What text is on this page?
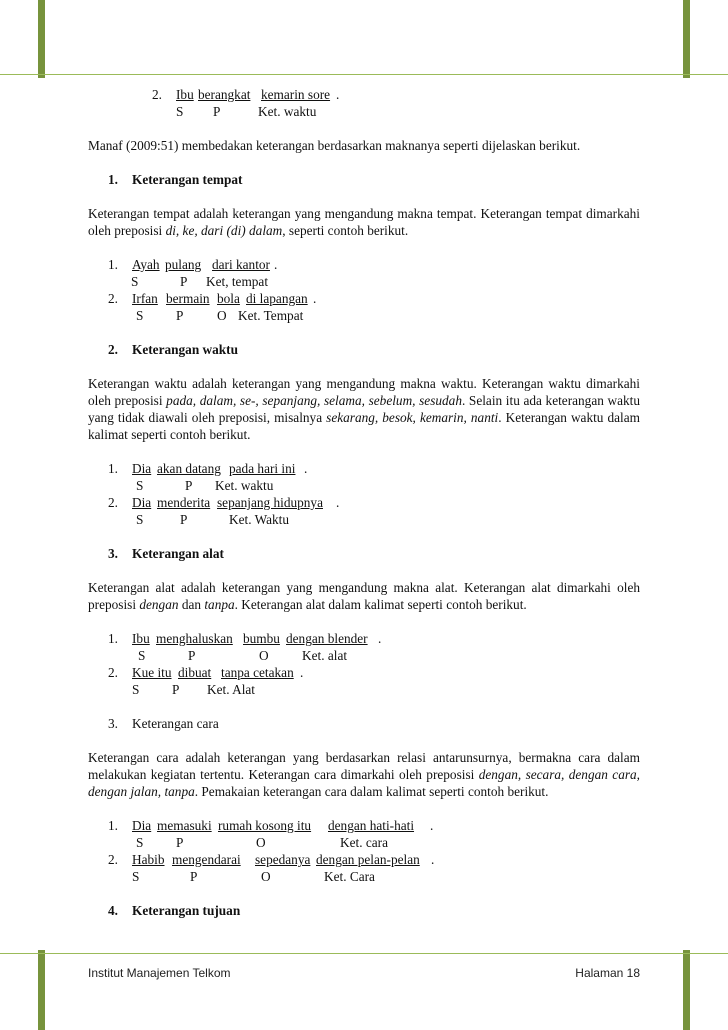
2. Ibu berangkat kemarin sore .
S P	Ket. waktu

Manaf (2009:51) membedakan keterangan berdasarkan maknanya seperti dijelaskan berikut.

1. Keterangan tempat

Keterangan tempat adalah keterangan yang mengandung makna tempat. Keterangan tempat dimarkahi oleh preposisi di, ke, dari (di) dalam, seperti contoh berikut.

1. Ayah pulang dari kantor .
S	P Ket, tempat
2. Irfan bermain bola di lapangan .
S P	O Ket. Tempat
2. Keterangan waktu

Keterangan waktu adalah keterangan yang mengandung makna waktu. Keterangan waktu dimarkahi oleh preposisi pada, dalam, se-, sepanjang, selama, sebelum, sesudah. Selain itu ada keterangan waktu yang tidak diawali oleh preposisi, misalnya sekarang, besok, kemarin, nanti. Keterangan waktu dalam kalimat seperti contoh berikut.

1. Dia akan datang pada hari ini .
S	P Ket. waktu
2. Dia menderita sepanjang hidupnya .
S	P	Ket. Waktu
3. Keterangan alat

Keterangan alat adalah keterangan yang mengandung makna alat. Keterangan alat dimarkahi oleh preposisi dengan dan tanpa. Keterangan alat dalam kalimat seperti contoh berikut.

1. Ibu menghaluskan bumbu dengan blender .
S	P	O	Ket. alat
2. Kue itu dibuat tanpa cetakan .
S P Ket. Alat
3. Keterangan cara

Keterangan cara adalah keterangan yang berdasarkan relasi antarunsurnya, bermakna cara dalam melakukan kegiatan tertentu. Keterangan cara dimarkahi oleh preposisi dengan, secara, dengan cara, dengan jalan, tanpa. Pemakaian keterangan cara dalam kalimat seperti contoh berikut.

1. Dia memasuki rumah kosong itu dengan hati-hati .
S P	O	Ket. cara
2. Habib mengendarai sepedanya dengan pelan-pelan .
S	P	O	Ket. Cara
4. Keterangan tujuan
Institut Manajemen Telkom	Halaman 18
